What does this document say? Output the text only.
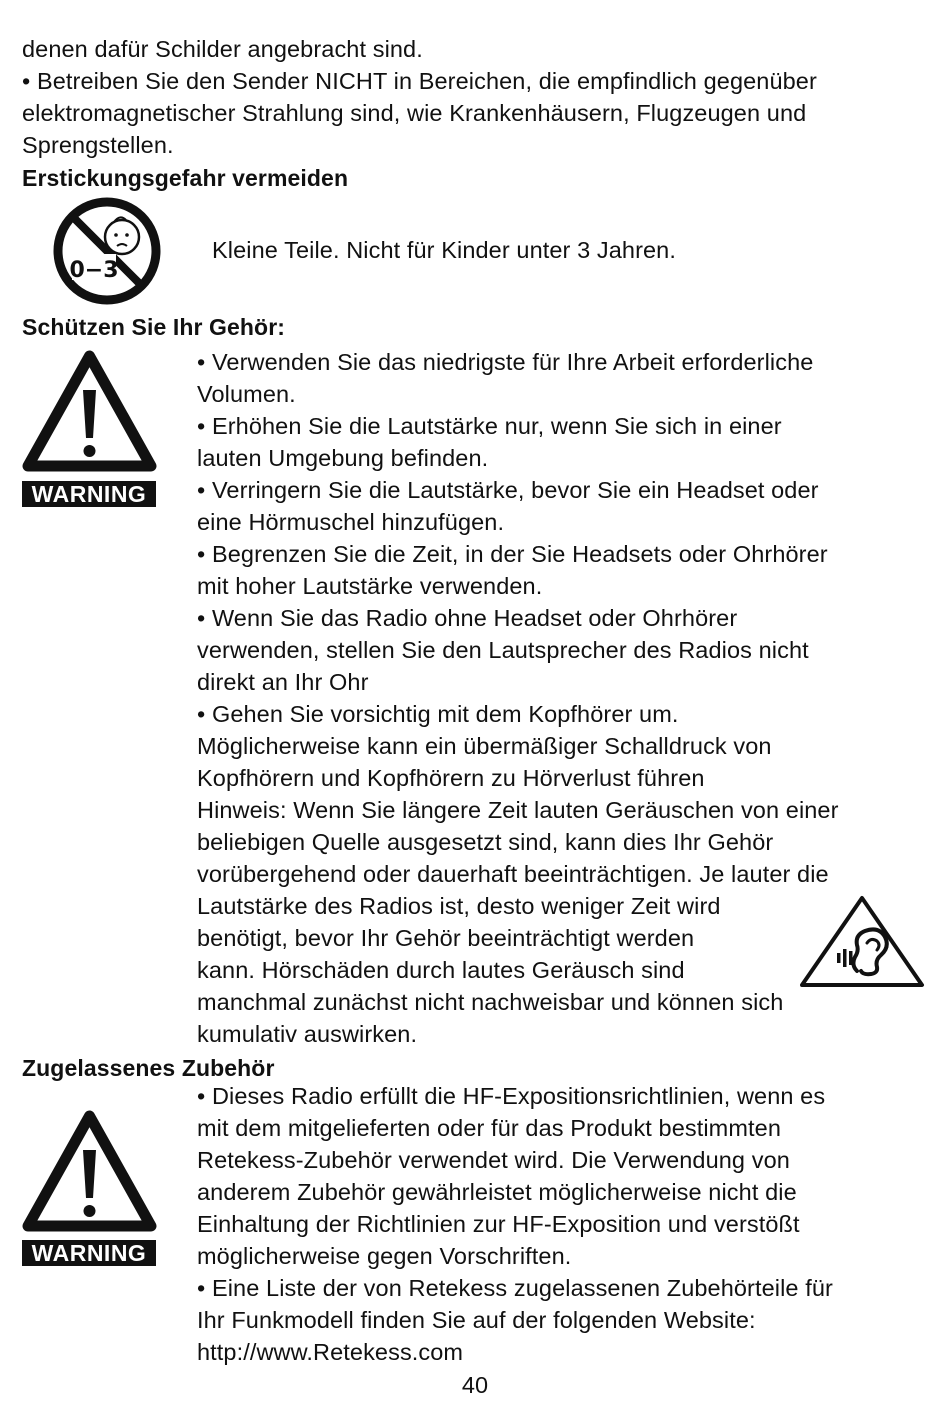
denen dafür Schilder angebracht sind.
• Betreiben Sie den Sender NICHT in Bereichen, die empfindlich gegenüber
elektromagnetischer Strahlung sind, wie Krankenhäusern, Flugzeugen und
Sprengstellen.
Erstickungsgefahr vermeiden
0−3
Kleine Teile. Nicht für Kinder unter 3 Jahren.
Schützen Sie Ihr Gehör:
WARNING
• Verwenden Sie das niedrigste für Ihre Arbeit erforderliche
Volumen.
• Erhöhen Sie die Lautstärke nur, wenn Sie sich in einer
lauten Umgebung befinden.
• Verringern Sie die Lautstärke, bevor Sie ein Headset oder
eine Hörmuschel hinzufügen.
• Begrenzen Sie die Zeit, in der Sie Headsets oder Ohrhörer
mit hoher Lautstärke verwenden.
• Wenn Sie das Radio ohne Headset oder Ohrhörer
verwenden, stellen Sie den Lautsprecher des Radios nicht
direkt an Ihr Ohr
• Gehen Sie vorsichtig mit dem Kopfhörer um.
Möglicherweise kann ein übermäßiger Schalldruck von
Kopfhörern und Kopfhörern zu Hörverlust führen
Hinweis: Wenn Sie längere Zeit lauten Geräuschen von einer
beliebigen Quelle ausgesetzt sind, kann dies Ihr Gehör
vorübergehend oder dauerhaft beeinträchtigen. Je lauter die
Lautstärke des Radios ist, desto weniger Zeit wird
benötigt, bevor Ihr Gehör beeinträchtigt werden
kann. Hörschäden durch lautes Geräusch sind
manchmal zunächst nicht nachweisbar und können sich
kumulativ auswirken.
Zugelassenes Zubehör
WARNING
• Dieses Radio erfüllt die HF-Expositionsrichtlinien, wenn es
mit dem mitgelieferten oder für das Produkt bestimmten
Retekess-Zubehör verwendet wird. Die Verwendung von
anderem Zubehör gewährleistet möglicherweise nicht die
Einhaltung der Richtlinien zur HF-Exposition und verstößt
möglicherweise gegen Vorschriften.
• Eine Liste der von Retekess zugelassenen Zubehörteile für
Ihr Funkmodell finden Sie auf der folgenden Website:
http://www.Retekess.com
40
